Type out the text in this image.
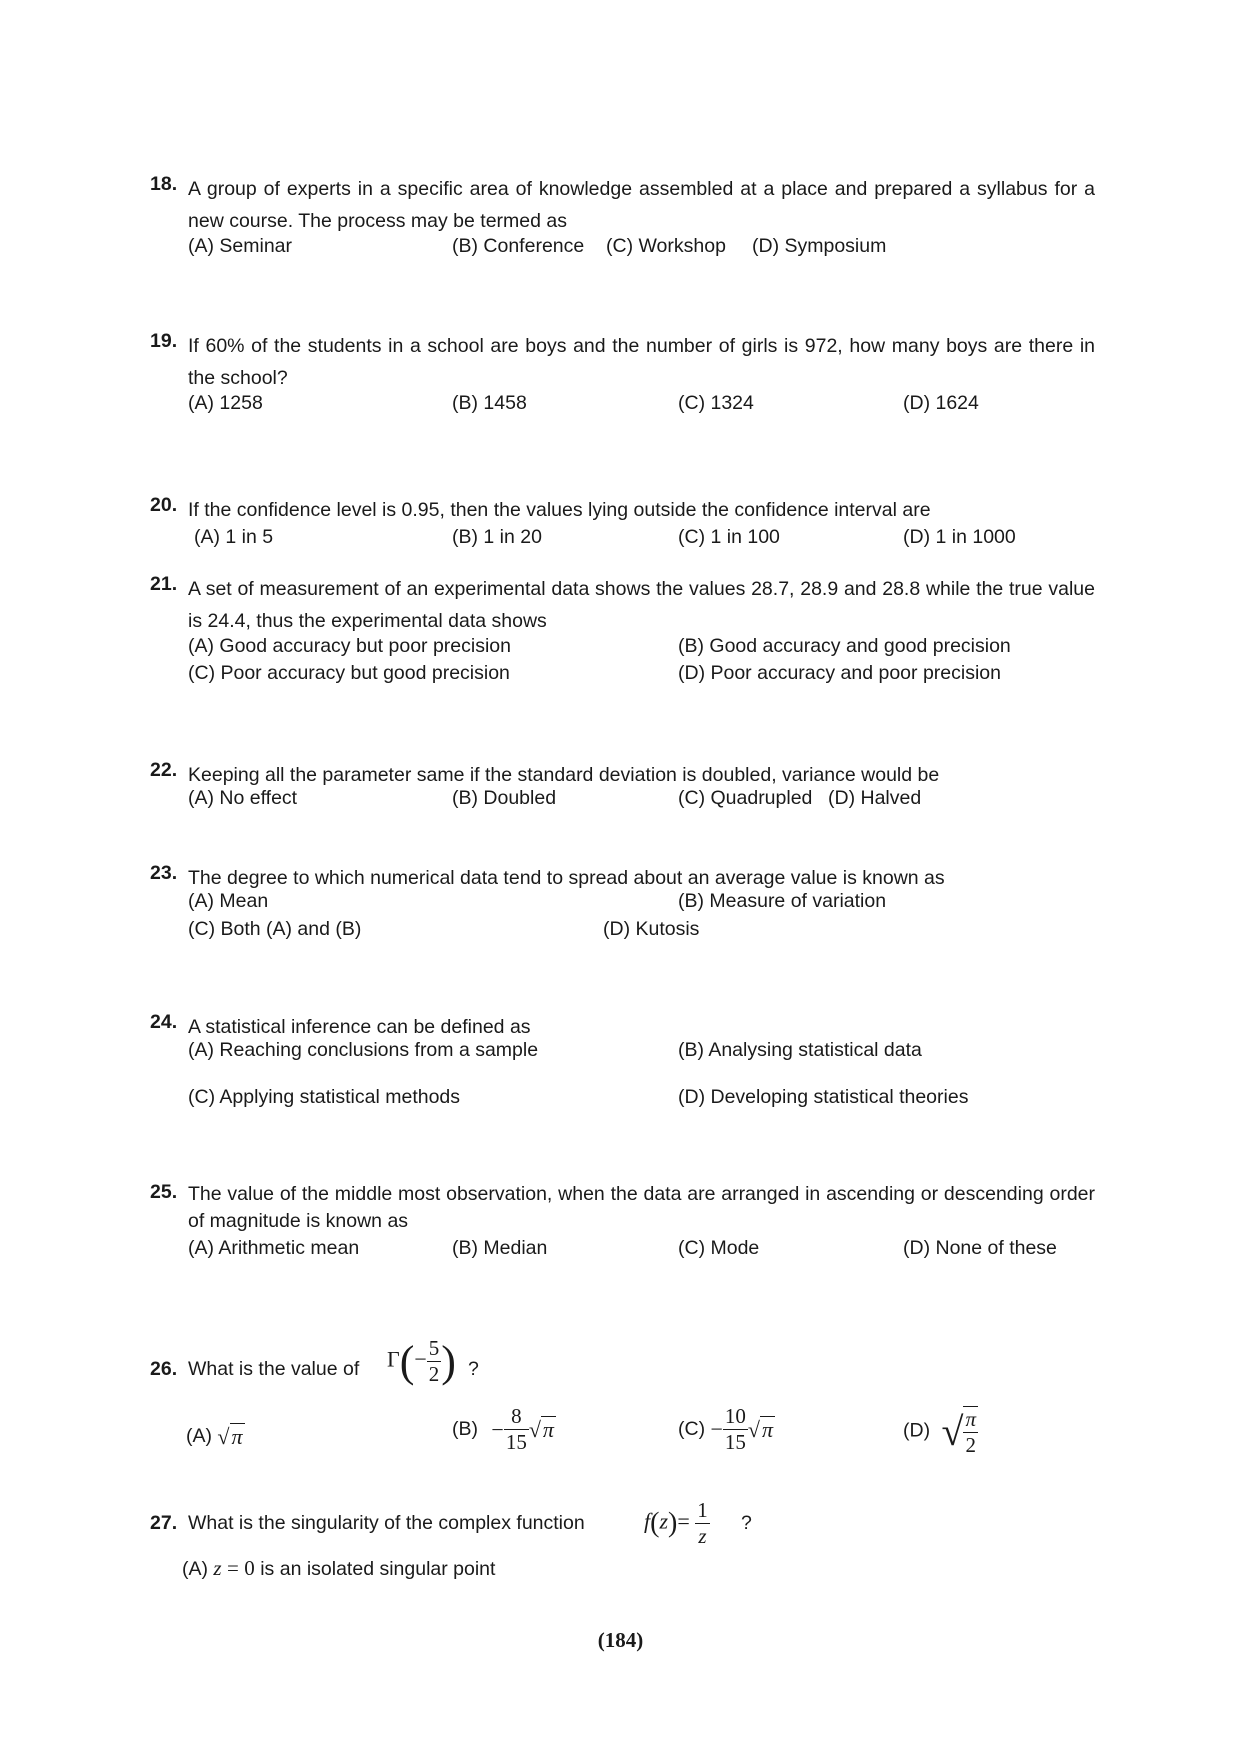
18. A group of experts in a specific area of knowledge assembled at a place and prepared a syllabus for a new course. The process may be termed as
(A) Seminar	(B) Conference (C) Workshop (D) Symposium
19. If 60% of the students in a school are boys and the number of girls is 972, how many boys are there in the school?
(A) 1258	(B) 1458	(C) 1324	(D) 1624
20. If the confidence level is 0.95, then the values lying outside the confidence interval are
(A) 1 in 5	(B) 1 in 20	(C) 1 in 100	(D) 1 in 1000
21. A set of measurement of an experimental data shows the values 28.7, 28.9 and 28.8 while the true value is 24.4, thus the experimental data shows
(A) Good accuracy but poor precision	(B) Good accuracy and good precision
(C) Poor accuracy but good precision	(D) Poor accuracy and poor precision
22. Keeping all the parameter same if the standard deviation is doubled, variance would be
(A) No effect	(B) Doubled	(C) Quadrupled (D) Halved
23. The degree to which numerical data tend to spread about an average value is known as
(A) Mean	(B) Measure of variation
(C) Both (A) and (B)	(D) Kutosis
24. A statistical inference can be defined as
(A) Reaching conclusions from a sample	(B) Analysing statistical data
(C) Applying statistical methods	(D) Developing statistical theories
25. The value of the middle most observation, when the data are arranged in ascending or descending order of magnitude is known as
(A) Arithmetic mean	(B) Median	(C) Mode	(D) None of these
26. What is the value of $\Gamma(- \frac{5}{2}$ ) ?
(A) √π	$(B) - \frac{8}{15} √\pi$	$(C) - \frac{10}{15} √\pi$	(D) √ $\frac{\pi}{2}$
27. What is the singularity of the complex function	$f(z)= \frac{1}{z}$ ?
(A) z = 0 is an isolated singular point
(184)
